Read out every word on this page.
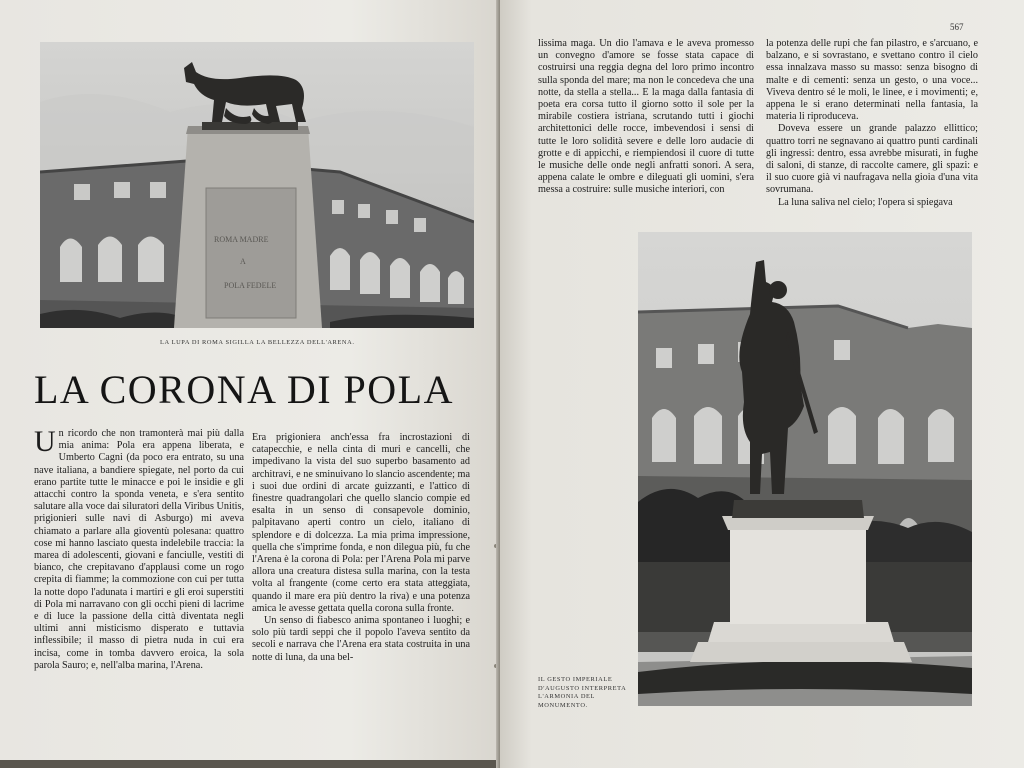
ROMA MADRE
A
POLA FEDELE
LA LUPA DI ROMA SIGILLA LA BELLEZZA DELL'ARENA.
LA CORONA DI POLA

Un ricordo che non tramonterà mai più dalla mia anima: Pola era appena liberata, e Umberto Cagni (da poco era entrato, su una nave italiana, a bandiere spiegate, nel porto da cui erano partite tutte le minacce e poi le insidie e gli attacchi contro la sponda veneta, e s'era sentito salutare alla voce dai siluratori della Viribus Unitis, prigionieri sulle navi di Asburgo) mi aveva chiamato a parlare alla gioventù polesana: quattro cose mi hanno lasciato questa indelebile traccia: la marea di adolescenti, giovani e fanciulle, vestiti di bianco, che crepitavano d'applausi come un rogo crepita di fiamme; la commozione con cui per tutta la notte dopo l'adunata i martiri e gli eroi superstiti di Pola mi narravano con gli occhi pieni di lacrime e di luce la passione della città diventata negli ultimi anni misticismo disperato e tuttavia inflessibile; il masso di pietra nuda in cui era incisa, come in tomba davvero eroica, la sola parola Sauro; e, nell'alba marina, l'Arena.

Era prigioniera anch'essa fra incrostazioni di catapecchie, e nella cinta di muri e cancelli, che impedivano la vista del suo superbo basamento ad architravi, e ne sminuivano lo slancio ascendente; ma i suoi due ordini di arcate guizzanti, e l'attico di finestre quadrangolari che quello slancio compie ed esalta in un senso di consapevole dominio, palpitavano aperti contro un cielo, italiano di splendore e di dolcezza. La mia prima impressione, quella che s'imprime fonda, e non dilegua più, fu che l'Arena è la corona di Pola: per l'Arena Pola mi parve allora una creatura distesa sulla marina, con la testa volta al frangente (come certo era stata atteggiata, quando il mare era più dentro la riva) e una potenza amica le avesse gettata quella corona sulla fronte.

Un senso di fiabesco anima spontaneo i luoghi; e solo più tardi seppi che il popolo l'aveva sentito da secoli e narrava che l'Arena era stata costruita in una notte di luna, da una bel-

567

lissima maga. Un dio l'amava e le aveva promesso un convegno d'amore se fosse stata capace di costruirsi una reggia degna del loro primo incontro sulla sponda del mare; ma non le concedeva che una notte, da stella a stella... E la maga dalla fantasia di poeta era corsa tutto il giorno sotto il sole per la mirabile costiera istriana, scrutando tutti i giochi architettonici delle rocce, imbevendosi i sensi di tutte le loro solidità severe e delle loro audacie di grotte e di appicchi, e riempiendosi il cuore di tutte le musiche delle onde negli anfratti sonori. A sera, appena calate le ombre e dileguati gli uomini, s'era messa a costruire: sulle musiche interiori, con

la potenza delle rupi che fan pilastro, e s'arcuano, e balzano, e si sovrastano, e svettano contro il cielo essa innalzava masso su masso: senza bisogno di malte e di cementi: senza un gesto, o una voce... Viveva dentro sé le moli, le linee, e i movimenti; e, appena le si erano determinati nella fantasia, la materia li riproduceva.

Doveva essere un grande palazzo ellittico; quattro torri ne segnavano ai quattro punti cardinali gli ingressi: dentro, essa avrebbe misurati, in fughe di saloni, di stanze, di raccolte camere, gli spazi: e il suo cuore già vi naufragava nella gioia d'una vita sovrumana.

La luna saliva nel cielo; l'opera si spiegava

IL GESTO IMPERIALE D'AUGUSTO INTERPRETA L'ARMONIA DEL MONUMENTO.
